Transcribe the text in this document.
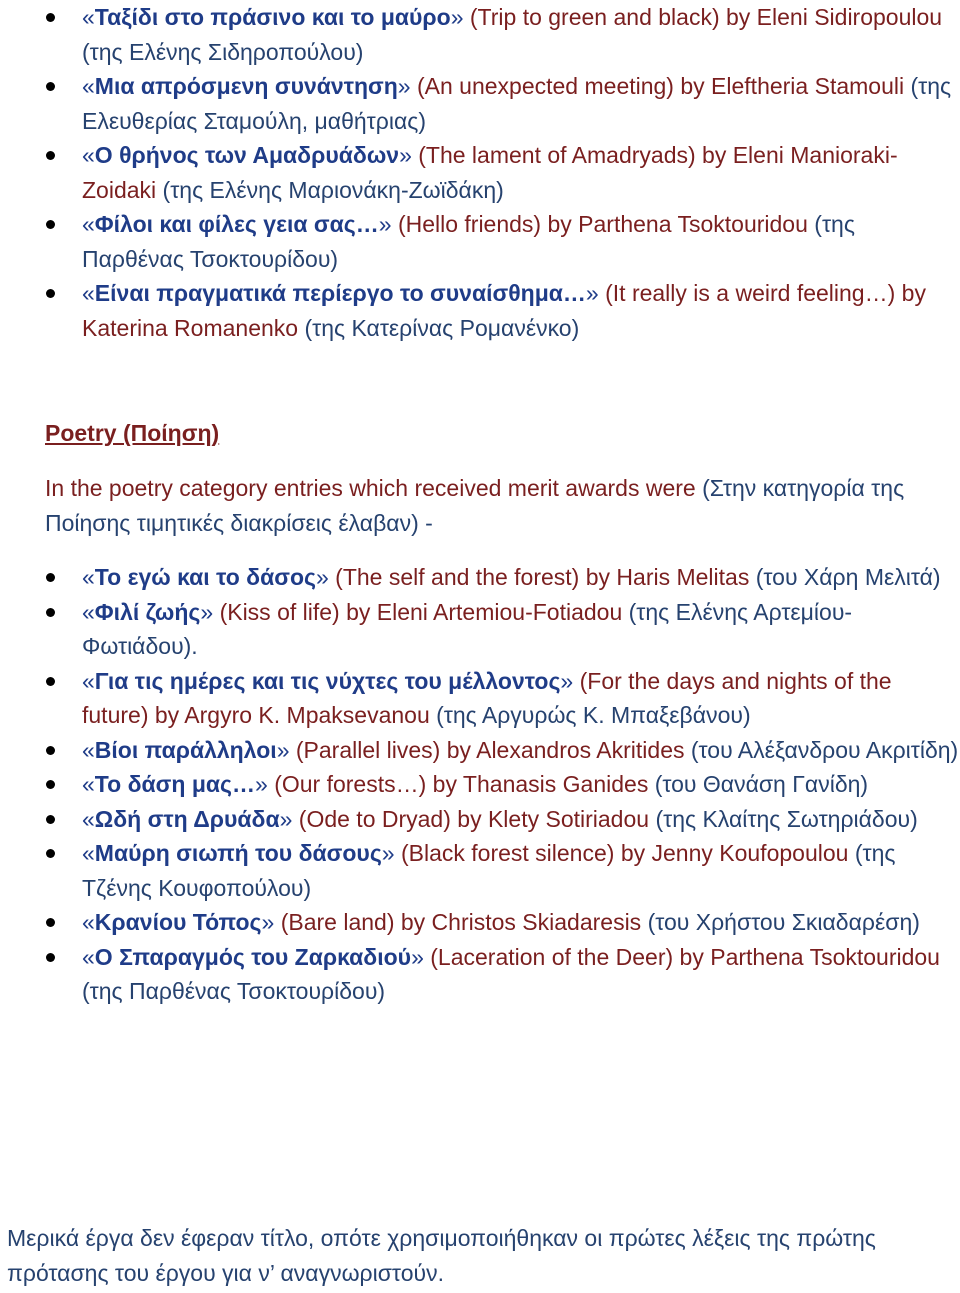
«Ταξίδι στο πράσινο και το μαύρο» (Trip to green and black) by Eleni Sidiropoulou (της Ελένης Σιδηροπούλου)
«Μια απρόσμενη συνάντηση» (An unexpected meeting) by Eleftheria Stamouli (της Ελευθερίας Σταμούλη, μαθήτριας)
«Ο θρήνος των Αμαδρυάδων» (The lament of Amadryads) by Eleni Manioraki-Zoidaki (της Ελένης Μαριονάκη-Ζωϊδάκη)
«Φίλοι και φίλες γεια σας…» (Hello friends) by Parthena Tsoktouridou (της Παρθένας Τσοκτουρίδου)
«Είναι πραγματικά περίεργο το συναίσθημα…» (It really is a weird feeling…) by Katerina Romanenko (της Κατερίνας Ρομανένκο)
Poetry (Ποίηση)
In the poetry category entries which received merit awards were (Στην κατηγορία της Ποίησης τιμητικές διακρίσεις έλαβαν) -
«Το εγώ και το δάσος» (The self and the forest) by Haris Melitas (του Χάρη Μελιτά)
«Φιλί ζωής» (Kiss of life) by Eleni Artemiou-Fotiadou (της Ελένης Αρτεμίου-Φωτιάδου).
«Για τις ημέρες και τις νύχτες του μέλλοντος» (For the days and nights of the future) by Argyro K. Mpaksevanou (της Αργυρώς Κ. Μπαξεβάνου)
«Βίοι παράλληλοι» (Parallel lives) by Alexandros Akritides (του Αλέξανδρου Ακριτίδη)
«Το δάση μας…» (Our forests…) by Thanasis Ganides (του Θανάση Γανίδη)
«Ωδή στη Δρυάδα» (Ode to Dryad) by Klety Sotiriadou (της Κλαίτης Σωτηριάδου)
«Μαύρη σιωπή του δάσους» (Black forest silence) by Jenny Koufopoulou (της Τζένης Κουφοπούλου)
«Κρανίου Τόπος» (Bare land) by Christos Skiadaresis (του Χρήστου Σκιαδαρέση)
«Ο Σπαραγμός του Ζαρκαδιού» (Laceration of the Deer) by Parthena Tsoktouridou (της Παρθένας Τσοκτουρίδου)
Μερικά έργα δεν έφεραν τίτλο, οπότε χρησιμοποιήθηκαν οι πρώτες λέξεις της πρώτης πρότασης του έργου για ν’ αναγνωριστούν.
